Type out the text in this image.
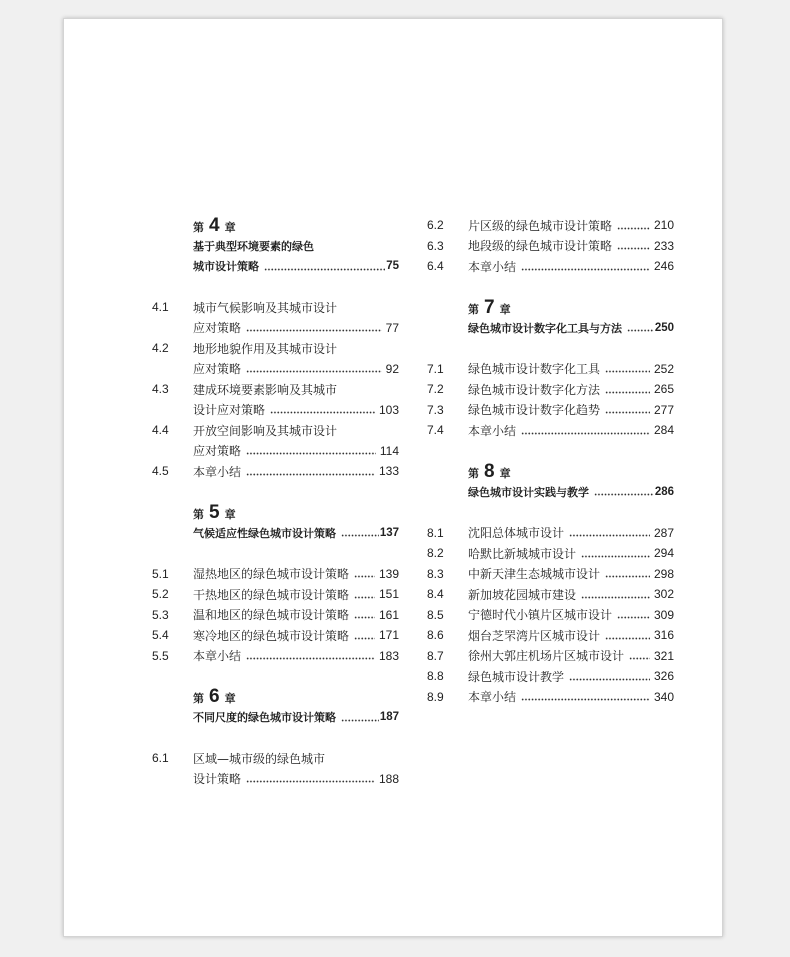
第 4 章
基于典型环境要素的绿色
城市设计策略	75
4.1	城市气候影响及其城市设计
应对策略	77
4.2	地形地貌作用及其城市设计
应对策略	92
4.3	建成环境要素影响及其城市
设计应对策略	103
4.4	开放空间影响及其城市设计
应对策略	114
4.5	本章小结	133
第 5 章
气候适应性绿色城市设计策略	137
5.1	湿热地区的绿色城市设计策略 139
5.2	干热地区的绿色城市设计策略 151
5.3	温和地区的绿色城市设计策略 161
5.4	寒冷地区的绿色城市设计策略 171
5.5	本章小结	183
第 6 章
不同尺度的绿色城市设计策略	187
6.1	区域—城市级的绿色城市
设计策略	188
6.2	片区级的绿色城市设计策略	210
6.3	地段级的绿色城市设计策略	233
6.4	本章小结	246
第 7 章
绿色城市设计数字化工具与方法	250
7.1	绿色城市设计数字化工具	252
7.2	绿色城市设计数字化方法	265
7.3	绿色城市设计数字化趋势	277
7.4	本章小结	284
第 8 章
绿色城市设计实践与教学	286
8.1	沈阳总体城市设计	287
8.2	哈默比新城城市设计	294
8.3	中新天津生态城城市设计	298
8.4	新加坡花园城市建设	302
8.5	宁德时代小镇片区城市设计	309
8.6	烟台芝罘湾片区城市设计	316
8.7	徐州大郭庄机场片区城市设计 321
8.8	绿色城市设计教学	326
8.9	本章小结	340
